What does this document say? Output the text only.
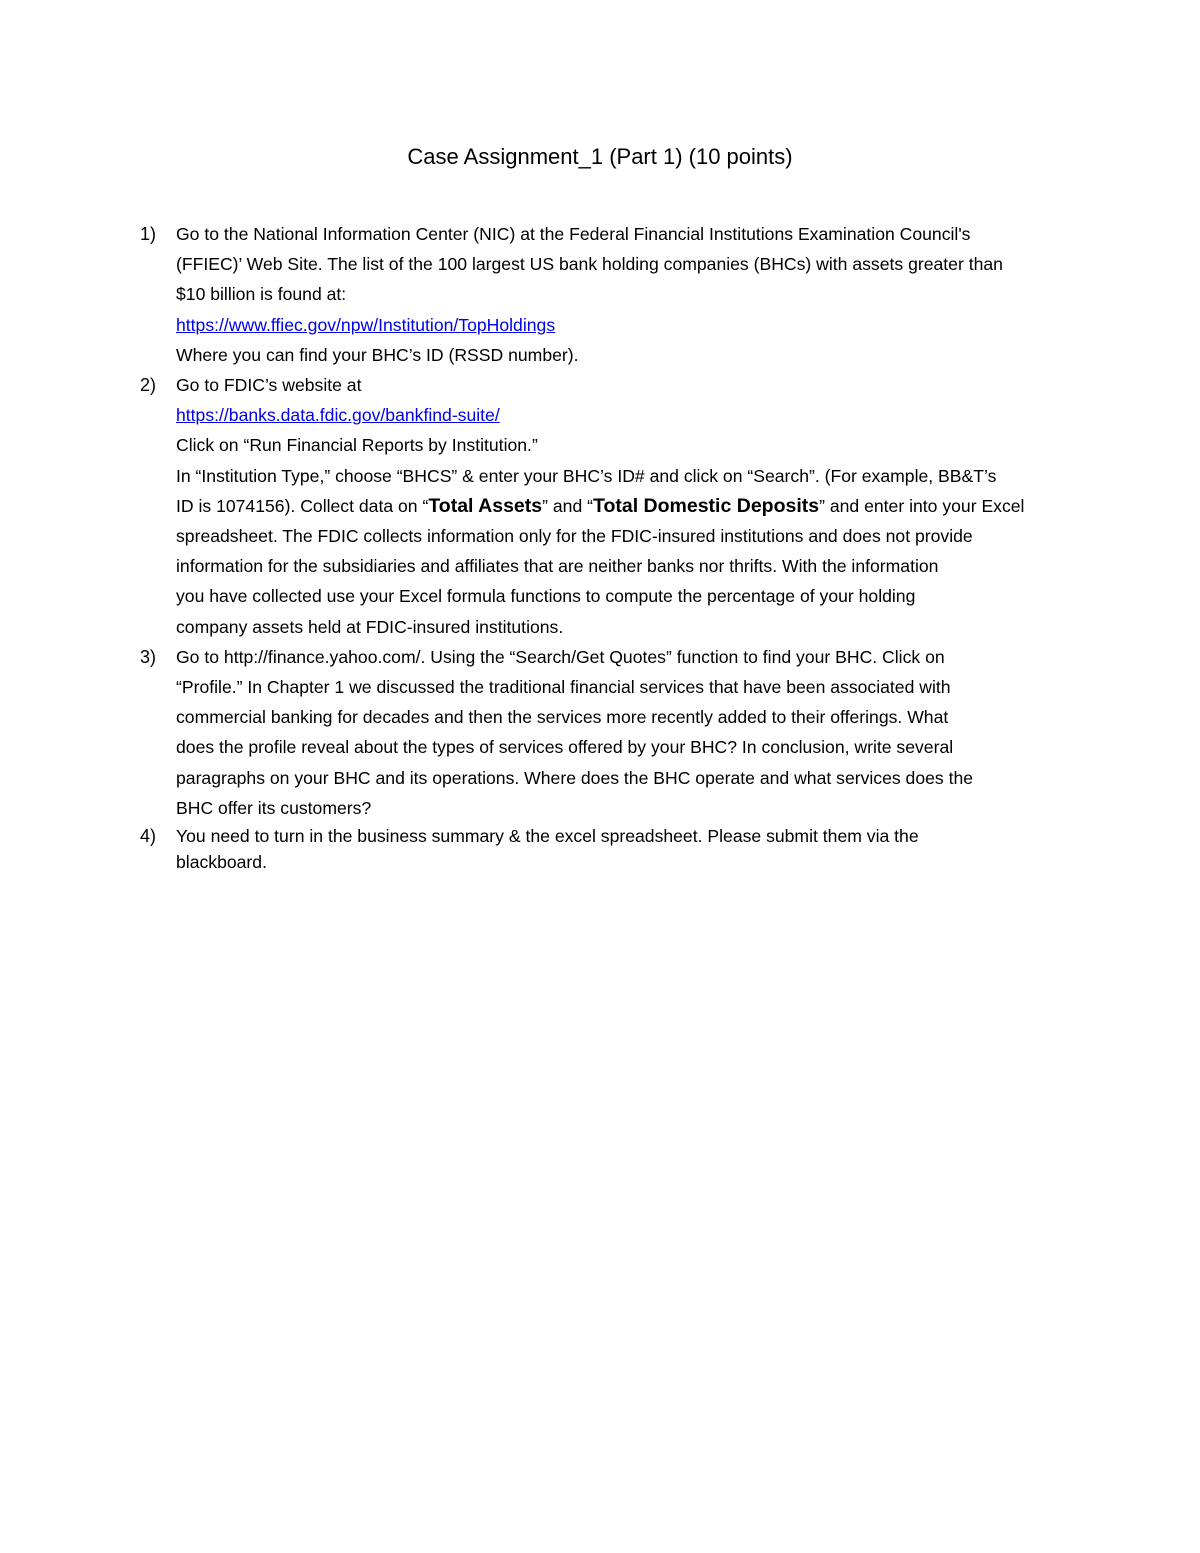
Case Assignment_1 (Part 1) (10 points)
1) Go to the National Information Center (NIC) at the Federal Financial Institutions Examination Council's
(FFIEC)’ Web Site. The list of the 100 largest US bank holding companies (BHCs) with assets greater than
$10 billion is found at:
https://www.ffiec.gov/npw/Institution/TopHoldings
Where you can find your BHC’s ID (RSSD number).
2) Go to FDIC’s website at
https://banks.data.fdic.gov/bankfind-suite/
Click on “Run Financial Reports by Institution.”
In “Institution Type,” choose “BHCS” & enter your BHC’s ID# and click on “Search”. (For example, BB&T’s
ID is 1074156). Collect data on “Total Assets” and “Total Domestic Deposits” and enter into your Excel
spreadsheet. The FDIC collects information only for the FDIC-insured institutions and does not provide
information for the subsidiaries and affiliates that are neither banks nor thrifts. With the information
you have collected use your Excel formula functions to compute the percentage of your holding
company assets held at FDIC-insured institutions.
3) Go to http://finance.yahoo.com/. Using the “Search/Get Quotes” function to find your BHC. Click on
“Profile.” In Chapter 1 we discussed the traditional financial services that have been associated with
commercial banking for decades and then the services more recently added to their offerings. What
does the profile reveal about the types of services offered by your BHC? In conclusion, write several
paragraphs on your BHC and its operations. Where does the BHC operate and what services does the
BHC offer its customers?
4) You need to turn in the business summary & the excel spreadsheet. Please submit them via the
blackboard.
